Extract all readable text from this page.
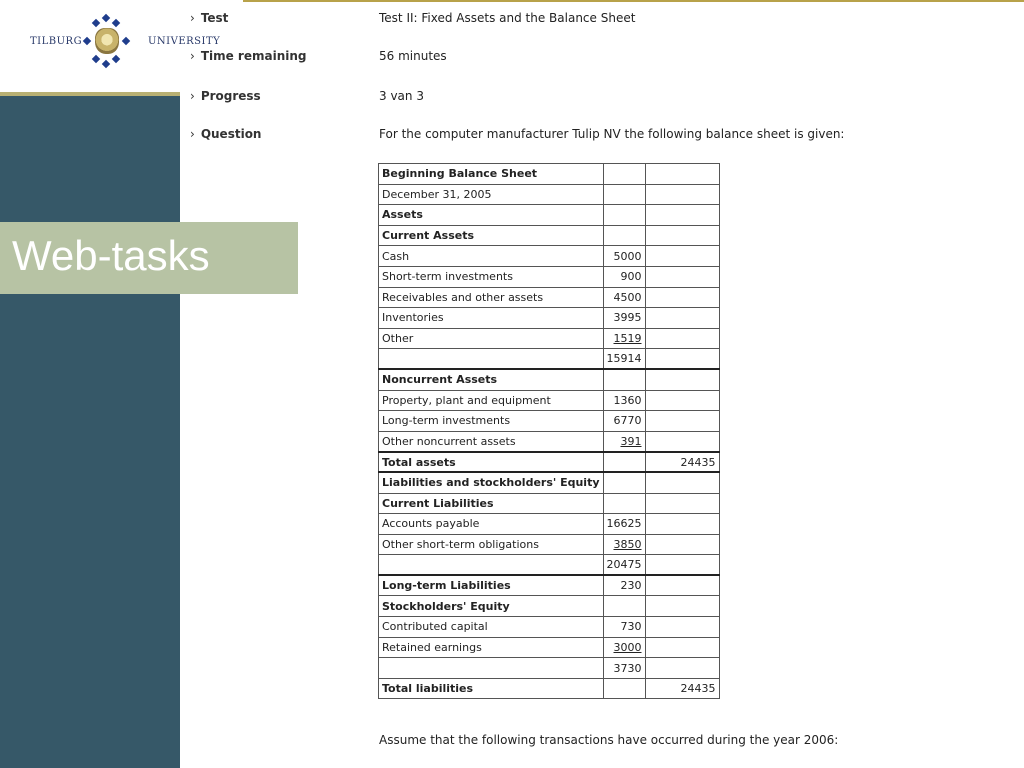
TILBURG	UNIVERSITY
Web-tasks
› Test	Test II: Fixed Assets and the Balance Sheet
› Time remaining	56 minutes
› Progress	3 van 3
› Question	For the computer manufacturer Tulip NV the following balance sheet is given:
Beginning Balance Sheet		
December 31, 2005		
Assets		
Current Assets		
Cash	5000	
Short-term investments	900	
Receivables and other assets	4500	
Inventories	3995	
Other	1519	
	15914	
Noncurrent Assets		
Property, plant and equipment	1360	
Long-term investments	6770	
Other noncurrent assets	391	
Total assets		24435
Liabilities and stockholders' Equity		
Current Liabilities		
Accounts payable	16625	
Other short-term obligations	3850	
	20475	
Long-term Liabilities	230	
Stockholders' Equity		
Contributed capital	730	
Retained earnings	3000	
	3730	
Total liabilities		24435
Assume that the following transactions have occurred during the year 2006:
